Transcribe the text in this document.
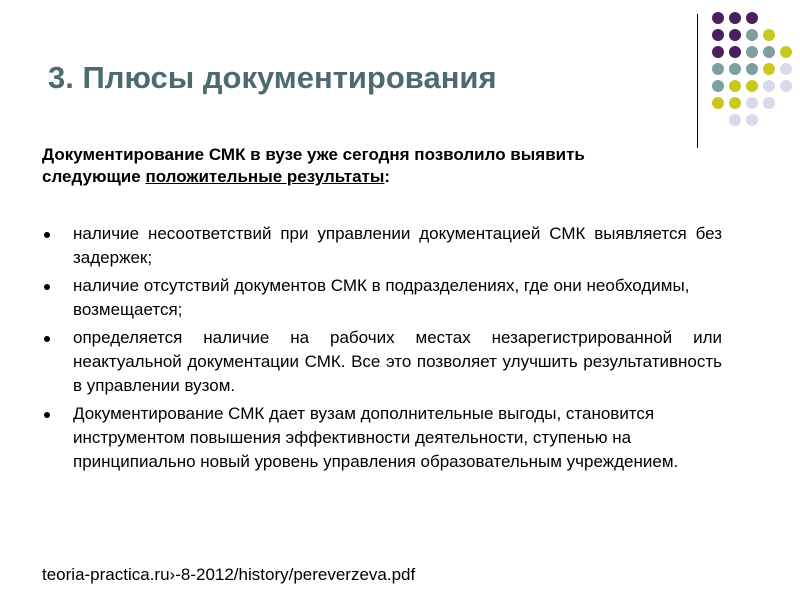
3. Плюсы документирования

Документирование СМК в вузе уже сегодня позволило выявить
следующие положительные результаты:

наличие несоответствий при управлении документацией СМК выявляется без задержек;
наличие отсутствий документов СМК в подразделениях, где они необходимы, возмещается;
определяется наличие на рабочих местах незарегистрированной или неактуальной документации СМК. Все это позволяет улучшить результативность в управлении вузом.
Документирование СМК дает вузам дополнительные выгоды, становится инструментом повышения эффективности деятельности, ступенью на принципиально новый уровень управления образовательным учреждением.
teoria-practica.ru›-8-2012/history/pereverzeva.pdf
